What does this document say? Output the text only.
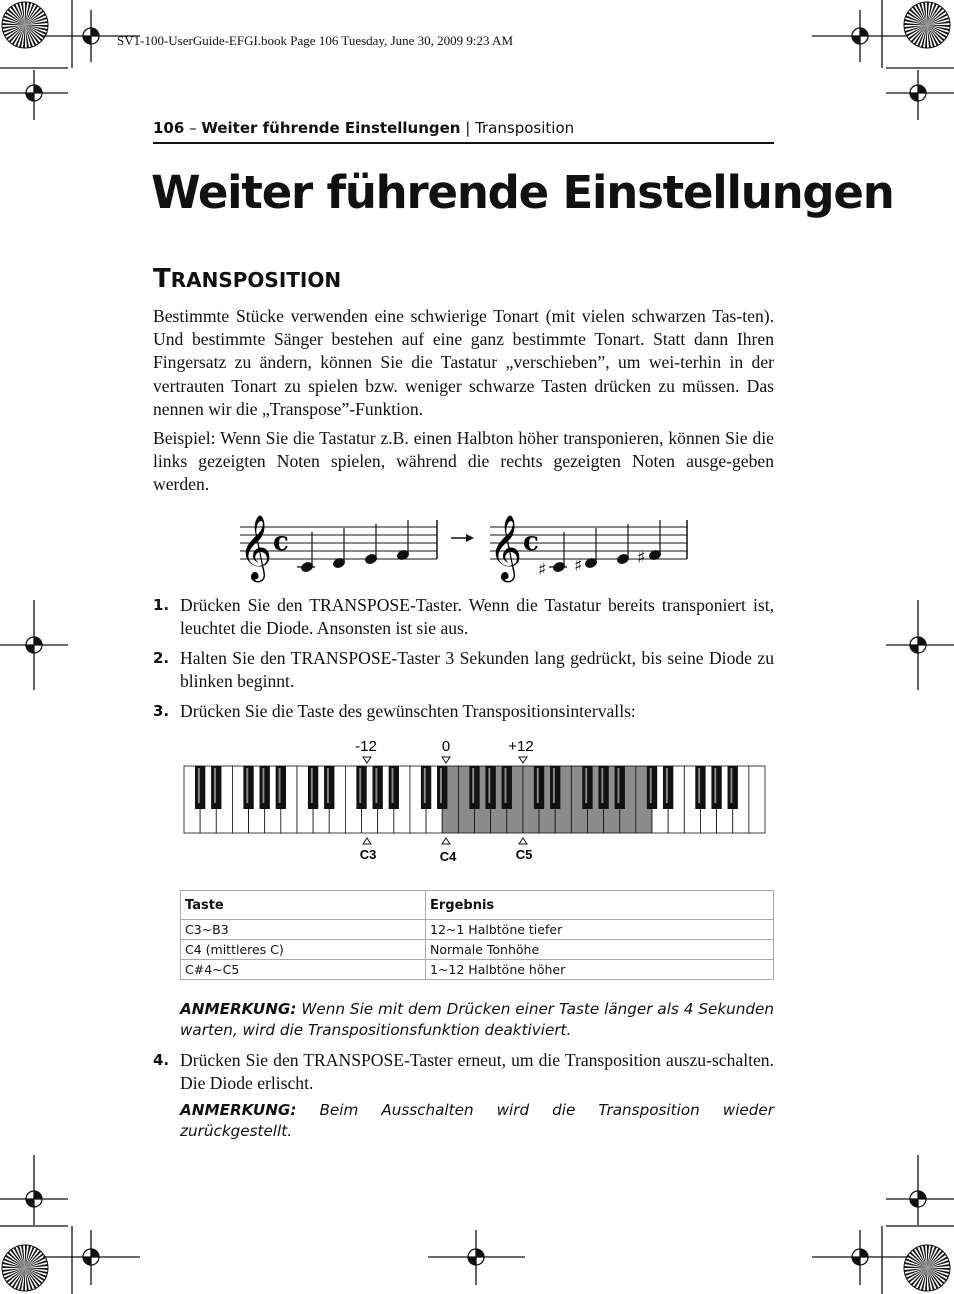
SV1-100-UserGuide-EFGI.book Page 106 Tuesday, June 30, 2009 9:23 AM
106 – Weiter führende Einstellungen | Transposition
Weiter führende Einstellungen
TRANSPOSITION
Bestimmte Stücke verwenden eine schwierige Tonart (mit vielen schwarzen Tas-ten). Und bestimmte Sänger bestehen auf eine ganz bestimmte Tonart. Statt dann Ihren Fingersatz zu ändern, können Sie die Tastatur „verschieben”, um wei-terhin in der vertrauten Tonart zu spielen bzw. weniger schwarze Tasten drücken zu müssen. Das nennen wir die „Transpose”-Funktion.
Beispiel: Wenn Sie die Tastatur z.B. einen Halbton höher transponieren, können Sie die links gezeigten Noten spielen, während die rechts gezeigten Noten ausge-geben werden.
𝄞	𝄞
c	c
♯ ♯	♯
1. Drücken Sie den TRANSPOSE-Taster. Wenn die Tastatur bereits transponiert ist, leuchtet die Diode. Ansonsten ist sie aus.
2. Halten Sie den TRANSPOSE-Taster 3 Sekunden lang gedrückt, bis seine Diode zu blinken beginnt.
3. Drücken Sie die Taste des gewünschten Transpositionsintervalls:
-12	0	+12
C3	C4	C5
Taste	Ergebnis
C3~B3	12~1 Halbtöne tiefer
C4 (mittleres C)	Normale Tonhöhe
C#4~C5	1~12 Halbtöne höher
ANMERKUNG: Wenn Sie mit dem Drücken einer Taste länger als 4 Sekunden warten, wird die Transpositionsfunktion deaktiviert.
4. Drücken Sie den TRANSPOSE-Taster erneut, um die Transposition auszu-schalten. Die Diode erlischt.
ANMERKUNG: Beim Ausschalten wird die Transposition wieder zurückgestellt.
